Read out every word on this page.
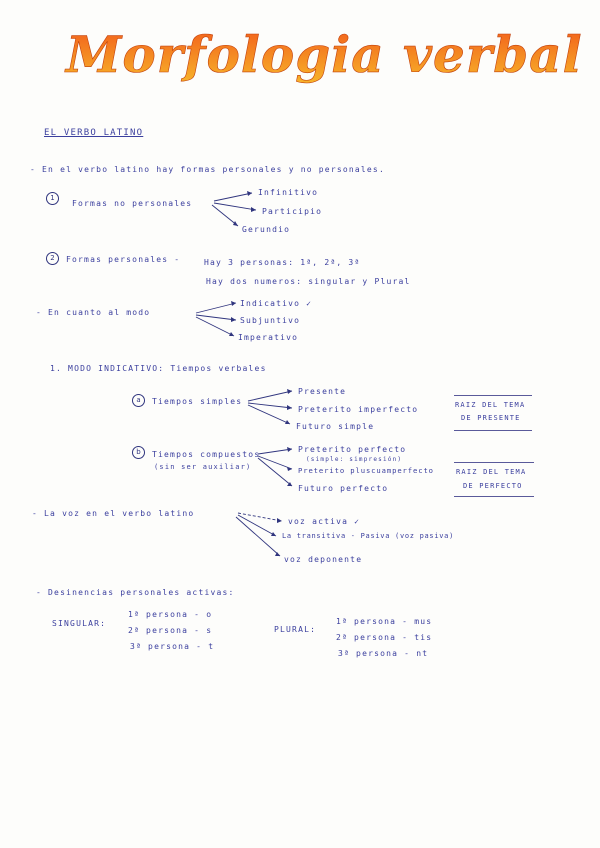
Morfologia verbal
EL VERBO LATINO
- En el verbo latino hay formas personales y no personales.
1
Formas no personales
Infinitivo
Participio
Gerundio
2	Formas personales -	Hay 3 personas: 1ª, 2ª, 3ª
Hay dos numeros: singular y Plural
- En cuanto al modo
Indicativo ✓
Subjuntivo
Imperativo
1. MODO INDICATIVO: Tiempos verbales
a	Tiempos simples
Presente
Preterito imperfecto
Futuro simple
RAIZ DEL TEMA
DE PRESENTE
b	Tiempos compuestos
(sin ser auxiliar)
Preterito perfecto
(simple: simpresión)
Preterito pluscuamperfecto
Futuro perfecto
RAIZ DEL TEMA
DE PERFECTO
- La voz en el verbo latino
voz activa ✓
La transitiva - Pasiva (voz pasiva)
voz deponente
- Desinencias personales activas:
SINGULAR:
1ª persona - o
2ª persona - s
3ª persona - t
PLURAL:
1ª persona - mus
2ª persona - tis
3ª persona - nt
